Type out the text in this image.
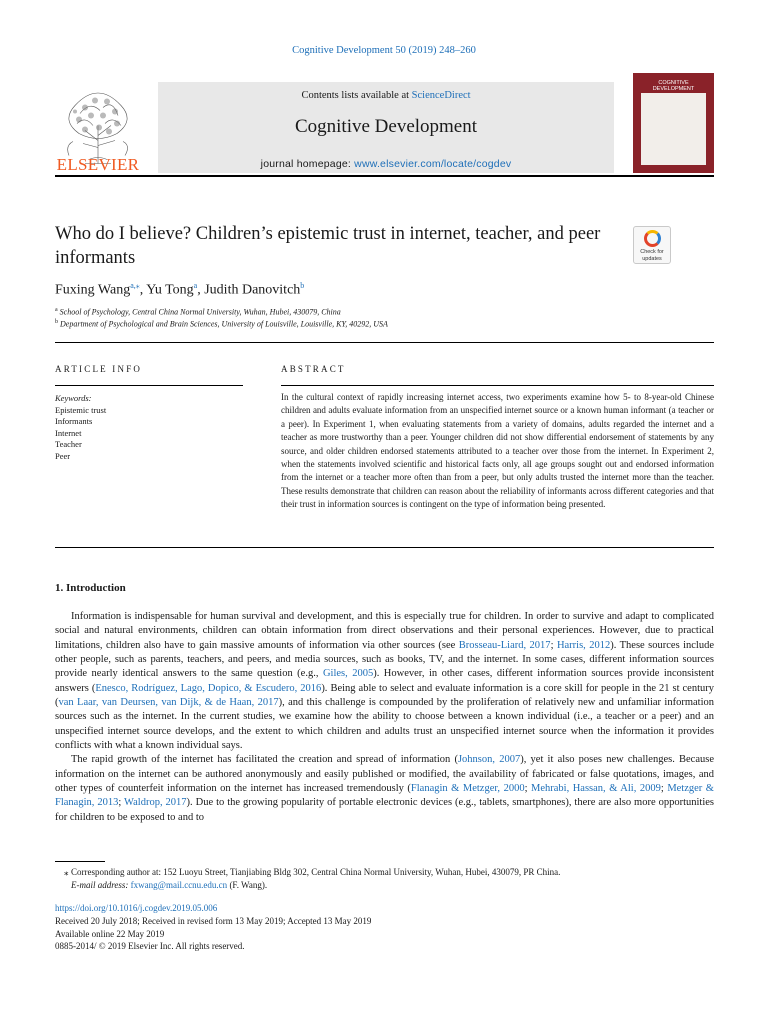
Cognitive Development 50 (2019) 248–260
ELSEVIER
Contents lists available at ScienceDirect
Cognitive Development
journal homepage: www.elsevier.com/locate/cogdev
COGNITIVE DEVELOPMENT
Who do I believe? Children’s epistemic trust in internet, teacher, and peer informants	Check for updates
Fuxing Wang$^{a,⁎}$, Yu Tong$^a$, Judith Danovitch$^b$
$^a$ School of Psychology, Central China Normal University, Wuhan, Hubei, 430079, China
$^b$ Department of Psychological and Brain Sciences, University of Louisville, Louisville, KY, 40292, USA
ARTICLE INFO	ABSTRACT
Keywords:
Epistemic trust
Informants
Internet
Teacher
Peer
In the cultural context of rapidly increasing internet access, two experiments examine how 5- to 8-year-old Chinese children and adults evaluate information from an unspecified internet source or a known human informant (a teacher or a peer). In Experiment 1, when evaluating statements from a variety of domains, adults regarded the internet and a teacher as more trustworthy than a peer. Younger children did not show differential endorsement of statements by any source, and older children endorsed statements attributed to a teacher over those from the internet. In Experiment 2, when the statements involved scientific and historical facts only, all age groups sought out and endorsed information from the internet or a teacher more often than from a peer, but only adults trusted the internet more than the teacher. These results demonstrate that children can reason about the reliability of informants across different categories and that their trust in information sources is contingent on the type of information being presented.
1. Introduction

Information is indispensable for human survival and development, and this is especially true for children. In order to survive and adapt to complicated social and natural environments, children can obtain information from direct observations and their personal experiences. However, due to practical limitations, children also have to gain massive amounts of information via other sources (see Brosseau-Liard, 2017; Harris, 2012). These sources include other people, such as parents, teachers, and peers, and media sources, such as books, TV, and the internet. In some cases, different information sources provide nearly identical answers to the same question (e.g., Giles, 2005). However, in other cases, different information sources provide inconsistent answers (Enesco, Rodríguez, Lago, Dopico, & Escudero, 2016). Being able to select and evaluate information is a core skill for people in the 21 st century (van Laar, van Deursen, van Dijk, & de Haan, 2017), and this challenge is compounded by the proliferation of relatively new and unfamiliar information sources such as the internet. In the current studies, we examine how the ability to choose between a known individual (i.e., a teacher or a peer) and an unspecified internet source develops, and the extent to which children and adults trust an unspecified internet source when the information it provides conflicts with what a known individual says.

The rapid growth of the internet has facilitated the creation and spread of information (Johnson, 2007), yet it also poses new challenges. Because information on the internet can be authored anonymously and easily published or modified, the availability of fabricated or false quotations, images, and other types of counterfeit information on the internet has increased tremendously (Flanagin & Metzger, 2000; Mehrabi, Hassan, & Ali, 2009; Metzger & Flanagin, 2013; Waldrop, 2017). Due to the growing popularity of portable electronic devices (e.g., tablets, smartphones), there are also more opportunities for children to be exposed to and to

⁎ Corresponding author at: 152 Luoyu Street, Tianjiabing Bldg 302, Central China Normal University, Wuhan, Hubei, 430079, PR China.
E-mail address: fxwang@mail.ccnu.edu.cn (F. Wang).
https://doi.org/10.1016/j.cogdev.2019.05.006
Received 20 July 2018; Received in revised form 13 May 2019; Accepted 13 May 2019
Available online 22 May 2019
0885-2014/ © 2019 Elsevier Inc. All rights reserved.
